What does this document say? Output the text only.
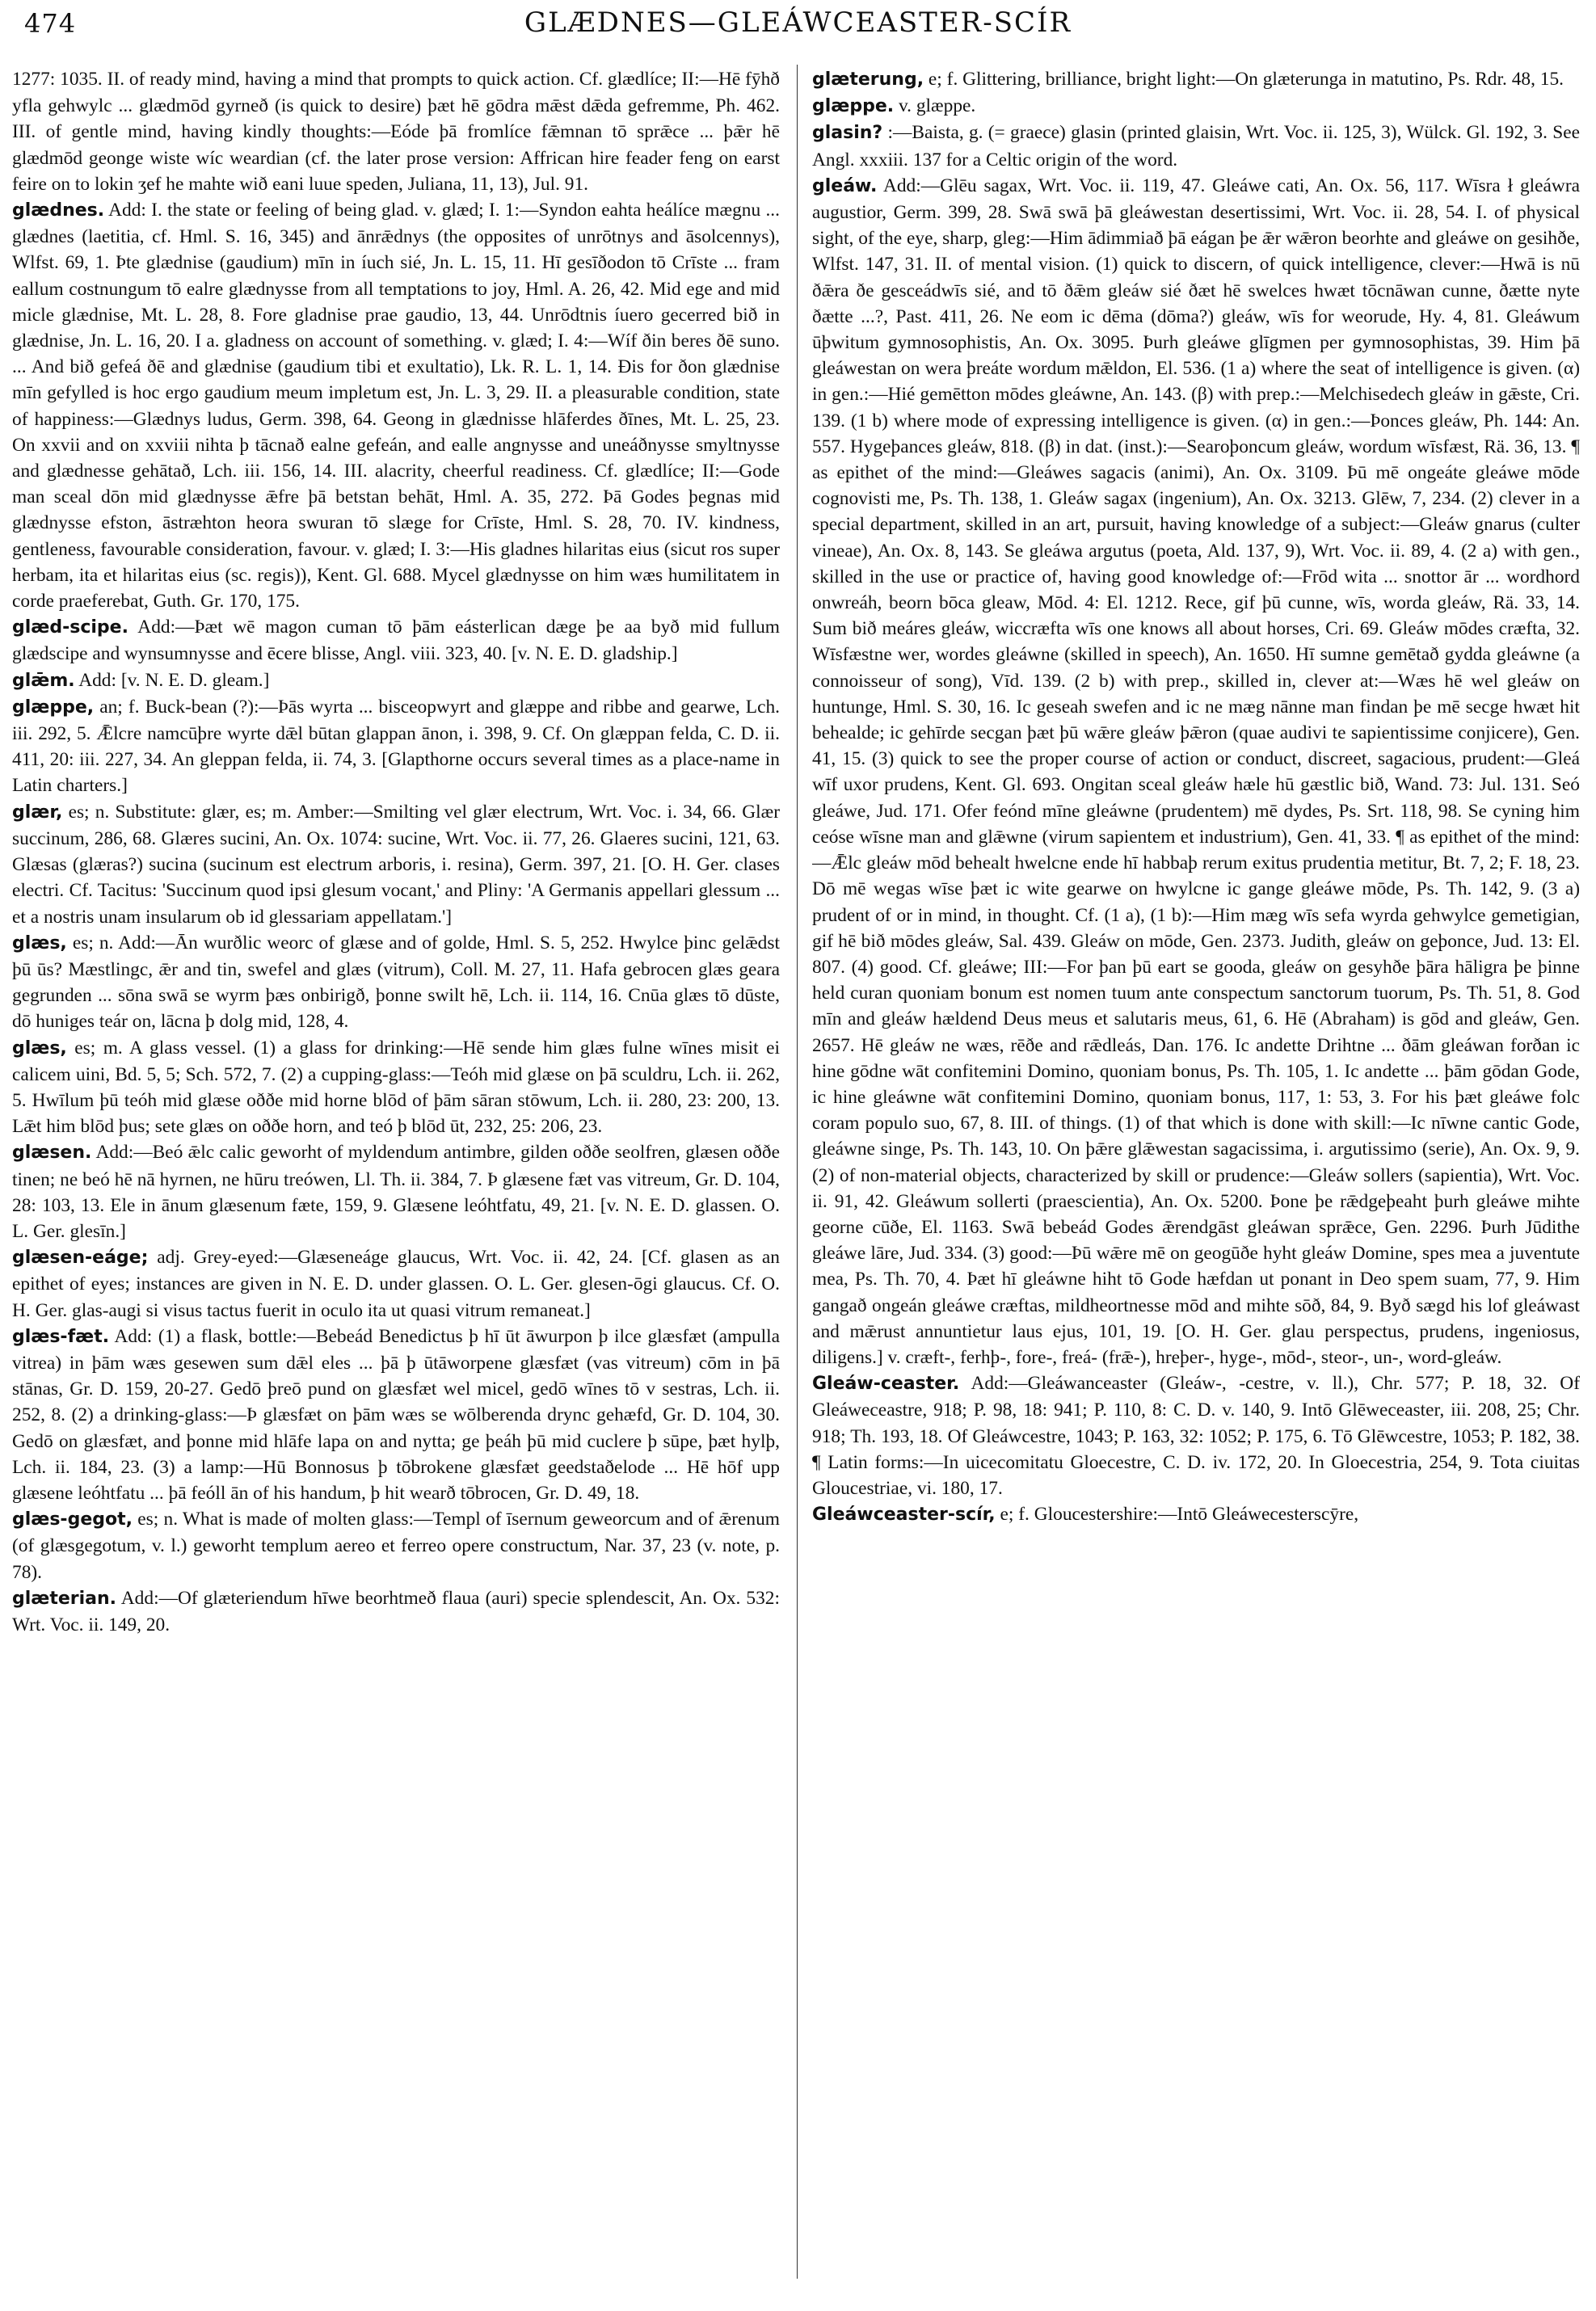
474	GLÆDNES—GLEÁWCEASTER-SCÍR

1277: 1035. II. of ready mind, having a mind that prompts to quick action. Cf. glædlíce; II:—Hē fȳhð yfla gehwylc ... glædmōd gyrneð (is quick to desire) þæt hē gōdra mǣst dǣda gefremme, Ph. 462. III. of gentle mind, having kindly thoughts:—Eóde þā fromlíce fǣmnan tō sprǣce ... þǣr hē glædmōd geonge wiste wíc weardian (cf. the later prose version: Affrican hire feader feng on earst feire on to lokin ʒef he mahte wið eani luue speden, Juliana, 11, 13), Jul. 91.

glædnes. Add: I. the state or feeling of being glad. v. glæd; I. 1:—Syndon eahta heálíce mægnu ... glædnes (laetitia, cf. Hml. S. 16, 345) and ānrǣdnys (the opposites of unrōtnys and āsolcennys), Wlfst. 69, 1. Þte glædnise (gaudium) mīn in íuch sié, Jn. L. 15, 11. Hī gesīðodon tō Crīste ... fram eallum costnungum tō ealre glædnysse from all temptations to joy, Hml. A. 26, 42. Mid ege and mid micle glædnise, Mt. L. 28, 8. Fore gladnise prae gaudio, 13, 44. Unrōdtnis íuero gecerred bið in glædnise, Jn. L. 16, 20. I a. gladness on account of something. v. glæd; I. 4:—Wíf ðin beres ðē suno. ... And bið gefeá ðē and glædnise (gaudium tibi et exultatio), Lk. R. L. 1, 14. Ðis for ðon glædnise mīn gefylled is hoc ergo gaudium meum impletum est, Jn. L. 3, 29. II. a pleasurable condition, state of happiness:—Glædnys ludus, Germ. 398, 64. Geong in glædnisse hlāferdes ðīnes, Mt. L. 25, 23. On xxvii and on xxviii nihta þ tācnað ealne gefeán, and ealle angnysse and uneáðnysse smyltnysse and glædnesse gehātað, Lch. iii. 156, 14. III. alacrity, cheerful readiness. Cf. glædlíce; II:—Gode man sceal dōn mid glædnysse ǣfre þā betstan behāt, Hml. A. 35, 272. Þā Godes þegnas mid glædnysse efston, āstræhton heora swuran tō slæge for Crīste, Hml. S. 28, 70. IV. kindness, gentleness, favourable consideration, favour. v. glæd; I. 3:—His gladnes hilaritas eius (sicut ros super herbam, ita et hilaritas eius (sc. regis)), Kent. Gl. 688. Mycel glædnysse on him wæs humilitatem in corde praeferebat, Guth. Gr. 170, 175.

glæd-scipe. Add:—Þæt wē magon cuman tō þām eásterlican dæge þe aa byð mid fullum glædscipe and wynsumnysse and ēcere blisse, Angl. viii. 323, 40. [v. N. E. D. gladship.]

glǣm. Add: [v. N. E. D. gleam.]

glæppe, an; f. Buck-bean (?):—Þās wyrta ... bisceopwyrt and glæppe and ribbe and gearwe, Lch. iii. 292, 5. Ǣlcre namcūþre wyrte dǣl būtan glappan ānon, i. 398, 9. Cf. On glæppan felda, C. D. ii. 411, 20: iii. 227, 34. An gleppan felda, ii. 74, 3. [Glapthorne occurs several times as a place-name in Latin charters.]

glær, es; n. Substitute: glær, es; m. Amber:—Smilting vel glær electrum, Wrt. Voc. i. 34, 66. Glær succinum, 286, 68. Glæres sucini, An. Ox. 1074: sucine, Wrt. Voc. ii. 77, 26. Glaeres sucini, 121, 63. Glæsas (glæras?) sucina (sucinum est electrum arboris, i. resina), Germ. 397, 21. [O. H. Ger. clases electri. Cf. Tacitus: 'Succinum quod ipsi glesum vocant,' and Pliny: 'A Germanis appellari glessum ... et a nostris unam insularum ob id glessariam appellatam.']

glæs, es; n. Add:—Ān wurðlic weorc of glæse and of golde, Hml. S. 5, 252. Hwylce þinc gelǣdst þū ūs? Mæstlingc, ǣr and tin, swefel and glæs (vitrum), Coll. M. 27, 11. Hafa gebrocen glæs geara gegrunden ... sōna swā se wyrm þæs onbirigð, þonne swilt hē, Lch. ii. 114, 16. Cnūa glæs tō dūste, dō huniges teár on, lācna þ dolg mid, 128, 4.

glæs, es; m. A glass vessel. (1) a glass for drinking:—Hē sende him glæs fulne wīnes misit ei calicem uini, Bd. 5, 5; Sch. 572, 7. (2) a cupping-glass:—Teóh mid glæse on þā sculdru, Lch. ii. 262, 5. Hwīlum þū teóh mid glæse oððe mid horne blōd of þām sāran stōwum, Lch. ii. 280, 23: 200, 13. Lǣt him blōd þus; sete glæs on oððe horn, and teó þ blōd ūt, 232, 25: 206, 23.

glæsen. Add:—Beó ǣlc calic geworht of myldendum antimbre, gilden oððe seolfren, glæsen oððe tinen; ne beó hē nā hyrnen, ne hūru treówen, Ll. Th. ii. 384, 7. Þ glæsene fæt vas vitreum, Gr. D. 104, 28: 103, 13. Ele in ānum glæsenum fæte, 159, 9. Glæsene leóhtfatu, 49, 21. [v. N. E. D. glassen. O. L. Ger. glesīn.]

glæsen-eáge; adj. Grey-eyed:—Glæseneáge glaucus, Wrt. Voc. ii. 42, 24. [Cf. glasen as an epithet of eyes; instances are given in N. E. D. under glassen. O. L. Ger. glesen-ōgi glaucus. Cf. O. H. Ger. glas-augi si visus tactus fuerit in oculo ita ut quasi vitrum remaneat.]

glæs-fæt. Add: (1) a flask, bottle:—Bebeád Benedictus þ hī ūt āwurpon þ ilce glæsfæt (ampulla vitrea) in þām wæs gesewen sum dǣl eles ... þā þ ūtāworpene glæsfæt (vas vitreum) cōm in þā stānas, Gr. D. 159, 20-27. Gedō þreō pund on glæsfæt wel micel, gedō wīnes tō v sestras, Lch. ii. 252, 8. (2) a drinking-glass:—Þ glæsfæt on þām wæs se wōlberenda drync gehæfd, Gr. D. 104, 30. Gedō on glæsfæt, and þonne mid hlāfe lapa on and nytta; ge þeáh þū mid cuclere þ sūpe, þæt hylþ, Lch. ii. 184, 23. (3) a lamp:—Hū Bonnosus þ tōbrokene glæsfæt geedstaðelode ... Hē hōf upp glæsene leóhtfatu ... þā feóll ān of his handum, þ hit wearð tōbrocen, Gr. D. 49, 18.

glæs-gegot, es; n. What is made of molten glass:—Templ of īsernum geweorcum and of ǣrenum (of glæsgegotum, v. l.) geworht templum aereo et ferreo opere constructum, Nar. 37, 23 (v. note, p. 78).

glæterian. Add:—Of glæteriendum hīwe beorhtmeð flaua (auri) specie splendescit, An. Ox. 532: Wrt. Voc. ii. 149, 20.

glæterung, e; f. Glittering, brilliance, bright light:—On glæterunga in matutino, Ps. Rdr. 48, 15.

glæppe. v. glæppe.

glasin? :—Baista, g. (= graece) glasin (printed glaisin, Wrt. Voc. ii. 125, 3), Wülck. Gl. 192, 3. See Angl. xxxiii. 137 for a Celtic origin of the word.

gleáw. Add:—Glēu sagax, Wrt. Voc. ii. 119, 47. Gleáwe cati, An. Ox. 56, 117. Wīsra ł gleáwra augustior, Germ. 399, 28. Swā swā þā gleáwestan desertissimi, Wrt. Voc. ii. 28, 54. I. of physical sight, of the eye, sharp, gleg:—Him ādimmiað þā eágan þe ǣr wǣron beorhte and gleáwe on gesihðe, Wlfst. 147, 31. II. of mental vision. (1) quick to discern, of quick intelligence, clever:—Hwā is nū ðǣra ðe gesceádwīs sié, and tō ðǣm gleáw sié ðæt hē swelces hwæt tōcnāwan cunne, ðætte nyte ðætte ...?, Past. 411, 26. Ne eom ic dēma (dōma?) gleáw, wīs for weorude, Hy. 4, 81. Gleáwum ūþwitum gymnosophistis, An. Ox. 3095. Þurh gleáwe glīgmen per gymnosophistas, 39. Him þā gleáwestan on wera þreáte wordum mǣldon, El. 536. (1 a) where the seat of intelligence is given. (α) in gen.:—Hié gemētton mōdes gleáwne, An. 143. (β) with prep.:—Melchisedech gleáw in gǣste, Cri. 139. (1 b) where mode of expressing intelligence is given. (α) in gen.:—Þonces gleáw, Ph. 144: An. 557. Hygeþances gleáw, 818. (β) in dat. (inst.):—Searoþoncum gleáw, wordum wīsfæst, Rä. 36, 13. ¶ as epithet of the mind:—Gleáwes sagacis (animi), An. Ox. 3109. Þū mē ongeáte gleáwe mōde cognovisti me, Ps. Th. 138, 1. Gleáw sagax (ingenium), An. Ox. 3213. Glēw, 7, 234. (2) clever in a special department, skilled in an art, pursuit, having knowledge of a subject:—Gleáw gnarus (culter vineae), An. Ox. 8, 143. Se gleáwa argutus (poeta, Ald. 137, 9), Wrt. Voc. ii. 89, 4. (2 a) with gen., skilled in the use or practice of, having good knowledge of:—Frōd wita ... snottor ār ... wordhord onwreáh, beorn bōca gleaw, Mōd. 4: El. 1212. Rece, gif þū cunne, wīs, worda gleáw, Rä. 33, 14. Sum bið meáres gleáw, wiccræfta wīs one knows all about horses, Cri. 69. Gleáw mōdes cræfta, 32. Wīsfæstne wer, wordes gleáwne (skilled in speech), An. 1650. Hī sumne gemētað gydda gleáwne (a connoisseur of song), Vīd. 139. (2 b) with prep., skilled in, clever at:—Wæs hē wel gleáw on huntunge, Hml. S. 30, 16. Ic geseah swefen and ic ne mæg nānne man findan þe mē secge hwæt hit behealde; ic gehīrde secgan þæt þū wǣre gleáw þǣron (quae audivi te sapientissime conjicere), Gen. 41, 15. (3) quick to see the proper course of action or conduct, discreet, sagacious, prudent:—Gleá wīf uxor prudens, Kent. Gl. 693. Ongitan sceal gleáw hæle hū gæstlic bið, Wand. 73: Jul. 131. Seó gleáwe, Jud. 171. Ofer feónd mīne gleáwne (prudentem) mē dydes, Ps. Srt. 118, 98. Se cyning him ceóse wīsne man and glǣwne (virum sapientem et industrium), Gen. 41, 33. ¶ as epithet of the mind:—Ǣlc gleáw mōd behealt hwelcne ende hī habbaþ rerum exitus prudentia metitur, Bt. 7, 2; F. 18, 23. Dō mē wegas wīse þæt ic wite gearwe on hwylcne ic gange gleáwe mōde, Ps. Th. 142, 9. (3 a) prudent of or in mind, in thought. Cf. (1 a), (1 b):—Him mæg wīs sefa wyrda gehwylce gemetigian, gif hē bið mōdes gleáw, Sal. 439. Gleáw on mōde, Gen. 2373. Judith, gleáw on geþonce, Jud. 13: El. 807. (4) good. Cf. gleáwe; III:—For þan þū eart se gooda, gleáw on gesyhðe þāra hāligra þe þinne held curan quoniam bonum est nomen tuum ante conspectum sanctorum tuorum, Ps. Th. 51, 8. God mīn and gleáw hældend Deus meus et salutaris meus, 61, 6. Hē (Abraham) is gōd and gleáw, Gen. 2657. Hē gleáw ne wæs, rēðe and rǣdleás, Dan. 176. Ic andette Drihtne ... ðām gleáwan forðan ic hine gōdne wāt confitemini Domino, quoniam bonus, Ps. Th. 105, 1. Ic andette ... þām gōdan Gode, ic hine gleáwne wāt confitemini Domino, quoniam bonus, 117, 1: 53, 3. For his þæt gleáwe folc coram populo suo, 67, 8. III. of things. (1) of that which is done with skill:—Ic nīwne cantic Gode, gleáwne singe, Ps. Th. 143, 10. On þǣre glǣwestan sagacissima, i. argutissimo (serie), An. Ox. 9, 9. (2) of non-material objects, characterized by skill or prudence:—Gleáw sollers (sapientia), Wrt. Voc. ii. 91, 42. Gleáwum sollerti (praescientia), An. Ox. 5200. Þone þe rǣdgeþeaht þurh gleáwe mihte georne cūðe, El. 1163. Swā bebeád Godes ǣrendgāst gleáwan sprǣce, Gen. 2296. Þurh Jūdithe gleáwe lāre, Jud. 334. (3) good:—Þū wǣre mē on geogūðe hyht gleáw Domine, spes mea a juventute mea, Ps. Th. 70, 4. Þæt hī gleáwne hiht tō Gode hæfdan ut ponant in Deo spem suam, 77, 9. Him gangað ongeán gleáwe cræftas, mildheortnesse mōd and mihte sōð, 84, 9. Byð sægd his lof gleáwast and mǣrust annuntietur laus ejus, 101, 19. [O. H. Ger. glau perspectus, prudens, ingeniosus, diligens.] v. cræft-, ferhþ-, fore-, freá- (frǣ-), hreþer-, hyge-, mōd-, steor-, un-, word-gleáw.

Gleáw-ceaster. Add:—Gleáwanceaster (Gleáw-, -cestre, v. ll.), Chr. 577; P. 18, 32. Of Gleáweceastre, 918; P. 98, 18: 941; P. 110, 8: C. D. v. 140, 9. Intō Glēweceaster, iii. 208, 25; Chr. 918; Th. 193, 18. Of Gleáwcestre, 1043; P. 163, 32: 1052; P. 175, 6. Tō Glēwcestre, 1053; P. 182, 38. ¶ Latin forms:—In uicecomitatu Gloecestre, C. D. iv. 172, 20. In Gloecestria, 254, 9. Tota ciuitas Gloucestriae, vi. 180, 17.

Gleáwceaster-scír, e; f. Gloucestershire:—Intō Gleáwecesterscȳre,
